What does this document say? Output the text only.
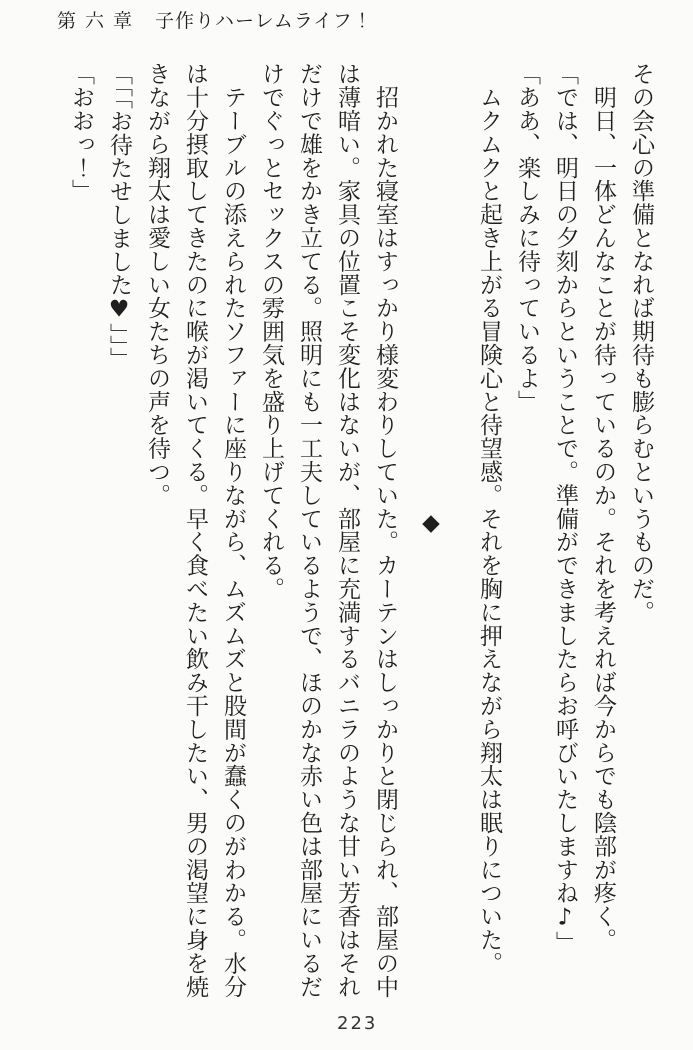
第六章 子作りハーレムライフ！

その会心の準備となれば期待も膨らむというものだ。

　明日、一体どんなことが待っているのか。それを考えれば今からでも陰部が疼く。

「では、明日の夕刻からということで。準備ができましたらお呼びいたしますね♪」

「ああ、楽しみに待っているよ」

　ムクムクと起き上がる冒険心と待望感。それを胸に押えながら翔太は眠りについた。

◆

　招かれた寝室はすっかり様変わりしていた。カーテンはしっかりと閉じられ、部屋の中

は薄暗い。家具の位置こそ変化はないが、部屋に充満するバニラのような甘い芳香はそれ

だけで雄をかき立てる。照明にも一工夫しているようで、ほのかな赤い色は部屋にいるだ

けでぐっとセックスの雰囲気を盛り上げてくれる。

　テーブルの添えられたソファーに座りながら、ムズムズと股間が蠢くのがわかる。水分

は十分摂取してきたのに喉が渇いてくる。早く食べたい飲み干したい、男の渇望に身を焼

きながら翔太は愛しい女たちの声を待つ。

「「「お待たせしました♥」」」

「おおっ！」

223
